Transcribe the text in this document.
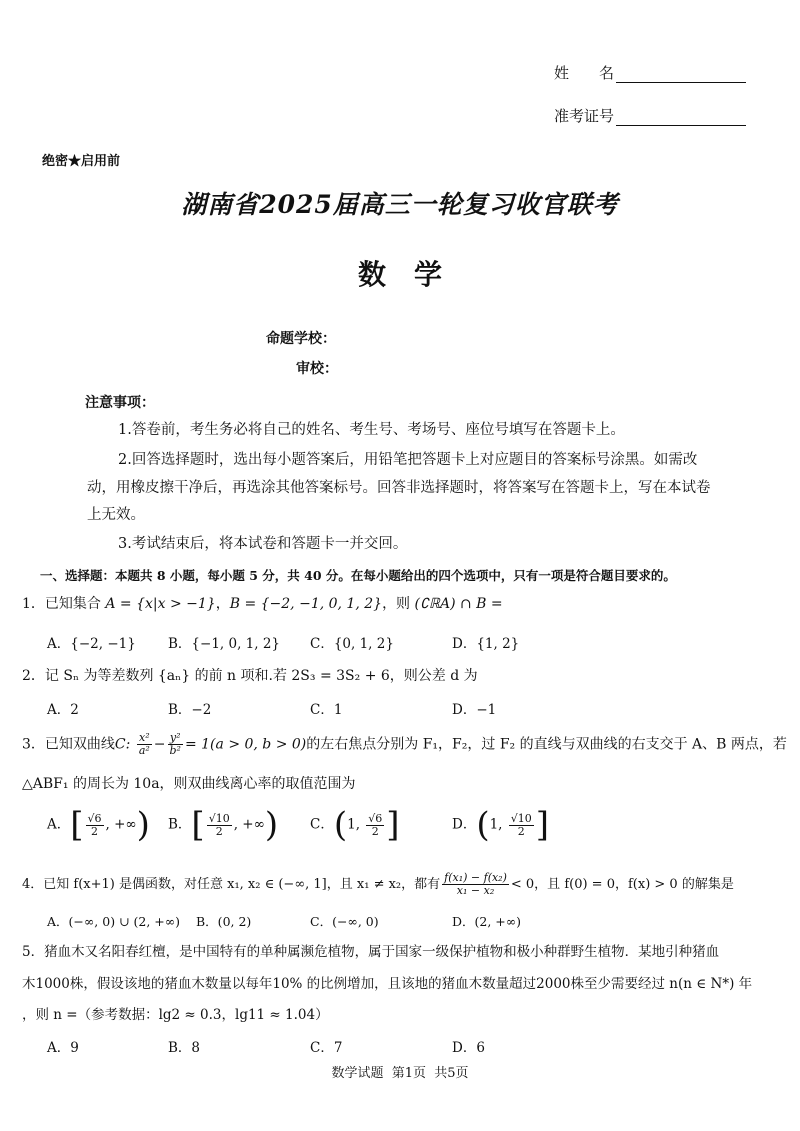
姓　　名
准考证号
绝密★启用前
湖南省2025届高三一轮复习收官联考
数　学
命题学校：
审校：
注意事项：
1.答卷前，考生务必将自己的姓名、考生号、考场号、座位号填写在答题卡上。
2.回答选择题时，选出每小题答案后，用铅笔把答题卡上对应题目的答案标号涂黑。如需改
动，用橡皮擦干净后，再选涂其他答案标号。回答非选择题时，将答案写在答题卡上，写在本试卷
上无效。
3.考试结束后，将本试卷和答题卡一并交回。
一、选择题：本题共 8 小题，每小题 5 分，共 40 分。在每小题给出的四个选项中，只有一项是符合题目要求的。
1．已知集合 A = {x|x > −1}，B = {−2, −1, 0, 1, 2}，则 (∁ℝA) ∩ B =
A．{−2, −1} B．{−1, 0, 1, 2} C．{0, 1, 2}	D．{1, 2}
2．记 Sₙ 为等差数列 {aₙ} 的前 n 项和.若 2S₃ = 3S₂ + 6，则公差 d 为
A．2	B．−2	C．1	D．−1
3．已知双曲线C: $\frac{\text{x²}}{\text{a²}} - \frac{\text{y²}}{\text{b²}} = 1(a > 0$, b > 0)的左右焦点分别为 F₁，F₂，过 F₂ 的直线与双曲线的右支交于 A、B 两点，若
△ABF₁ 的周长为 10a，则双曲线离心率的取值范围为
A．[ $\frac{√6}{2}$ , +∞) B．[ $\frac{√10}{2}$ , +∞) C．(1, $\frac{√6}{2}$ ]	D．(1, $\frac{√10}{2}$ ]
4．已知 f(x+1) 是偶函数，对任意 x₁, x₂ ∈ (−∞, 1]，且 x₁ ≠ x₂，都有 $\frac{\text{f(x₁) − f(x₂)}}{\text{x₁ − x₂}} < 0$，且 f(0) = 0，f(x) > 0 的解集是
A．(−∞, 0) ∪ (2, +∞) B．(0, 2)	C．(−∞, 0)	D．(2, +∞)
5．猪血木又名阳春红檀，是中国特有的单种属濒危植物，属于国家一级保护植物和极小种群野生植物．某地引种猪血
木1000株，假设该地的猪血木数量以每年10% 的比例增加，且该地的猪血木数量超过2000株至少需要经过 n(n ∈ N*) 年
，则 n =（参考数据：lg2 ≈ 0.3，lg11 ≈ 1.04）
A．9	B．8	C．7	D．6
数学试题  第1页  共5页
